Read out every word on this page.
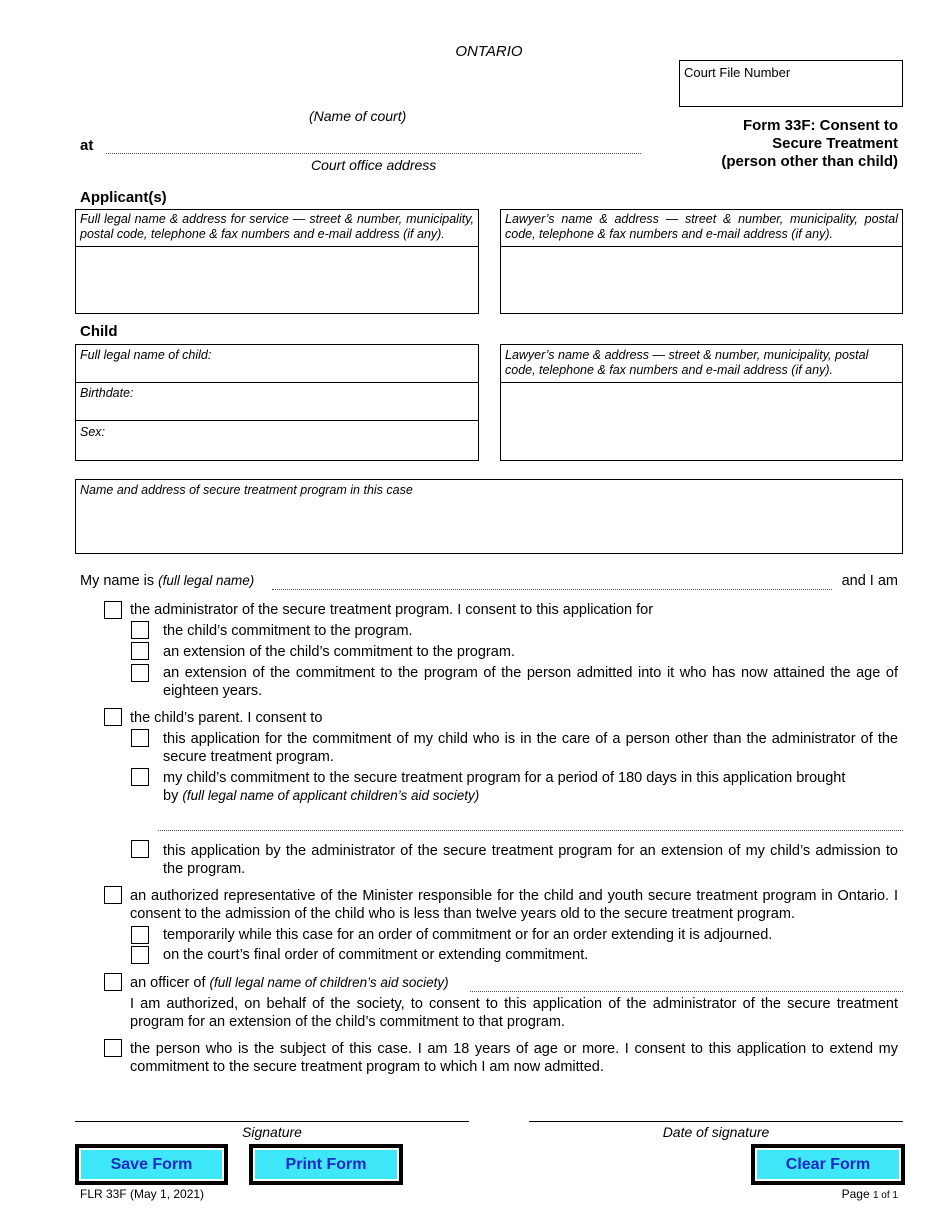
ONTARIO
Court File Number
(Name of court)
at
Court office address
Form 33F: Consent to
Secure Treatment
(person other than child)
Applicant(s)
Full legal name & address for service — street & number, municipality, postal code, telephone & fax numbers and e-mail address (if any).
Lawyer’s name & address — street & number, municipality, postal code, telephone & fax numbers and e-mail address (if any).
Child
Full legal name of child:
Birthdate:
Sex:
Lawyer’s name & address — street & number, municipality, postal code, telephone & fax numbers and e-mail address (if any).
Name and address of secure treatment program in this case
My name is (full legal name)	and I am
the administrator of the secure treatment program. I consent to this application for
the child’s commitment to the program.
an extension of the child’s commitment to the program.
an extension of the commitment to the program of the person admitted into it who has now attained the age of eighteen years.
the child’s parent. I consent to
this application for the commitment of my child who is in the care of a person other than the administrator of the secure treatment program.
my child’s commitment to the secure treatment program for a period of 180 days in this application brought
by (full legal name of applicant children’s aid society)
this application by the administrator of the secure treatment program for an extension of my child’s admission to the program.
an authorized representative of the Minister responsible for the child and youth secure treatment program in Ontario. I consent to the admission of the child who is less than twelve years old to the secure treatment program.
temporarily while this case for an order of commitment or for an order extending it is adjourned.
on the court’s final order of commitment or extending commitment.
an officer of (full legal name of children’s aid society)
I am authorized, on behalf of the society, to consent to this application of the administrator of the secure treatment program for an extension of the child’s commitment to that program.
the person who is the subject of this case. I am 18 years of age or more. I consent to this application to extend my commitment to the secure treatment program to which I am now admitted.
Signature	Date of signature
Save Form	Print Form	Clear Form
FLR 33F (May 1, 2021)	Page 1 of 1
